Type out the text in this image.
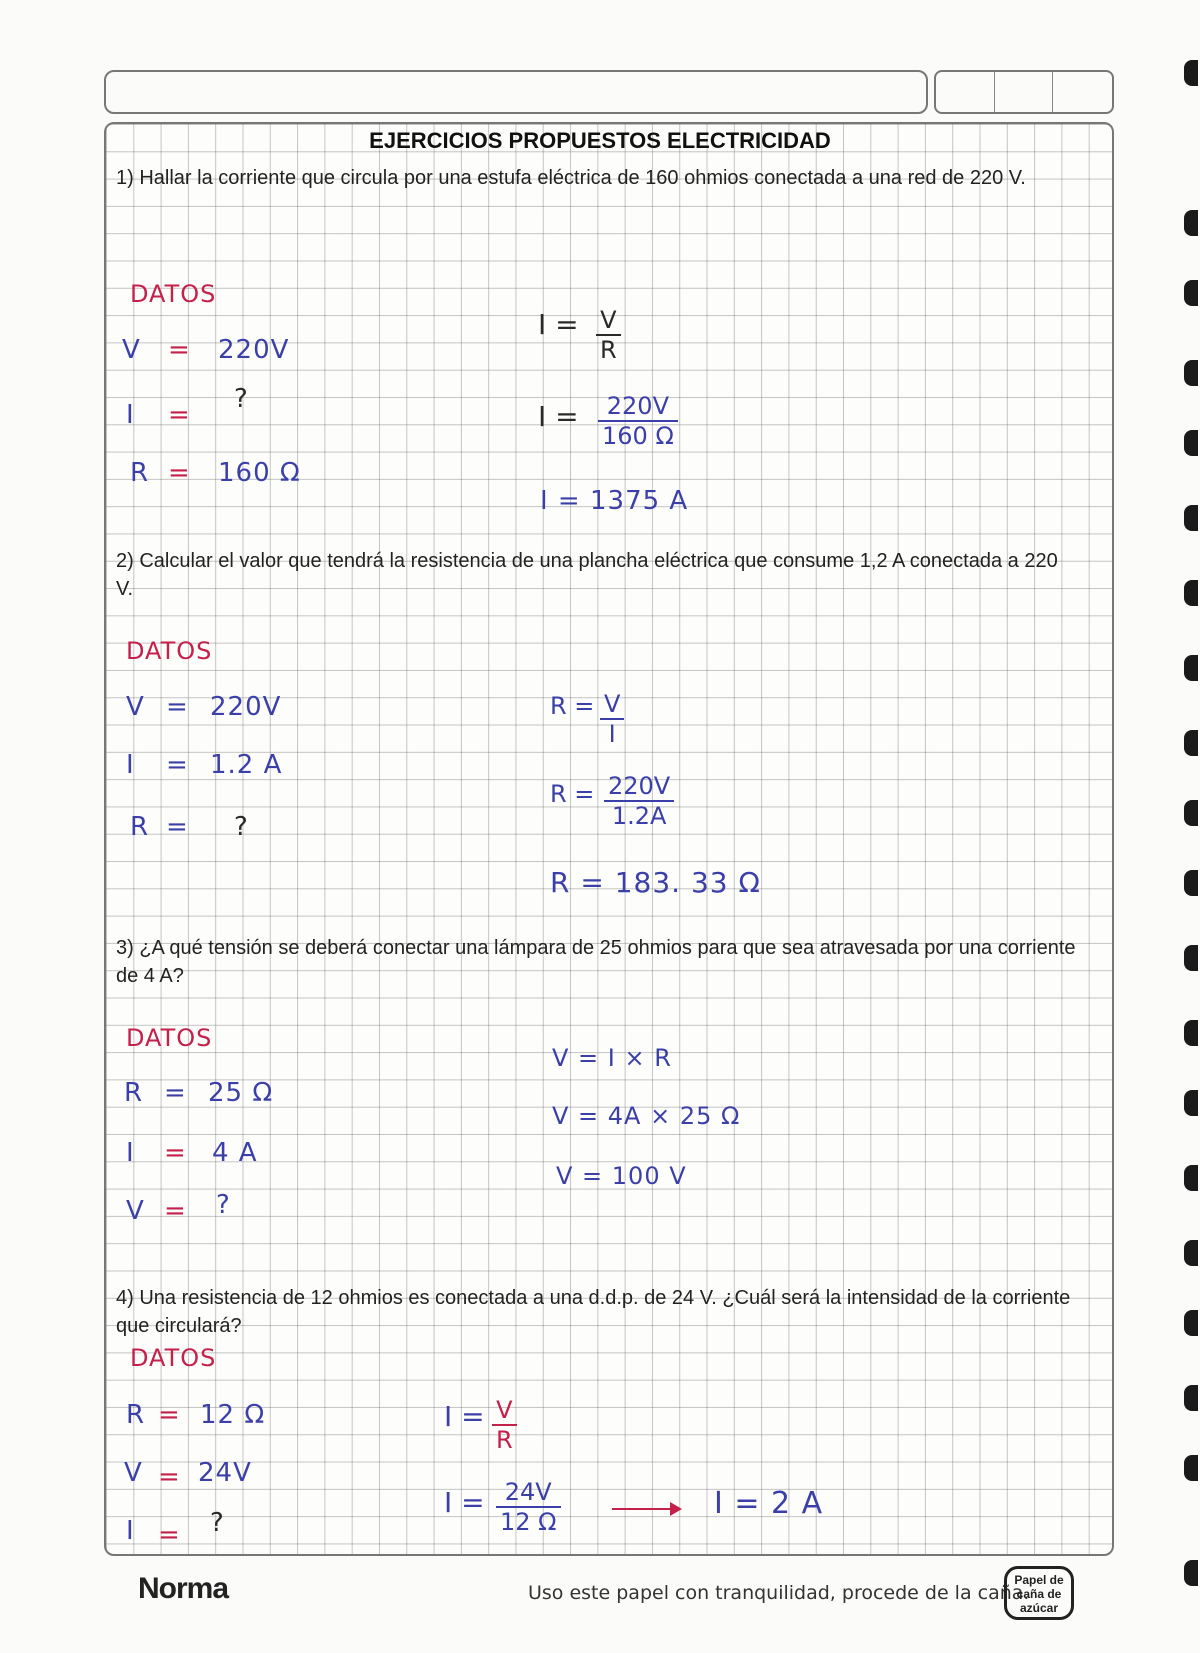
EJERCICIOS PROPUESTOS ELECTRICIDAD
1) Hallar la corriente que circula por una estufa eléctrica de 160 ohmios conectada a una red de 220 V.
DATOS
V = 220V
I =
?
R = 160 Ω
$I = \frac{V}{R}$
$I = \frac{220V}{160 \Omega}$
I = 1375 A
2) Calcular el valor que tendrá la resistencia de una plancha eléctrica que consume 1,2 A conectada a 220 V.
DATOS
V = 220V
I = 1.2 A
R = ?
$R = \frac{V}{I}$
$R = \frac{220V}{1.2A}$
R = 183. 33 Ω
3) ¿A qué tensión se deberá conectar una lámpara de 25 ohmios para que sea atravesada por una corriente de 4 A?
DATOS
R = 25 Ω
I = 4 A
V = ?
V = I × R
V = 4A × 25 Ω
V = 100 V
4) Una resistencia de 12 ohmios es conectada a una d.d.p. de 24 V. ¿Cuál será la intensidad de la corriente que circulará?
DATOS
R = 12 Ω
V = 24V
I = ?
$I = \frac{V}{R}$
$I = \frac{24V}{12 \Omega}$	I = 2 A
Norma	Uso este papel con tranquilidad, procede de la caña.
Papel de caña de azúcar
